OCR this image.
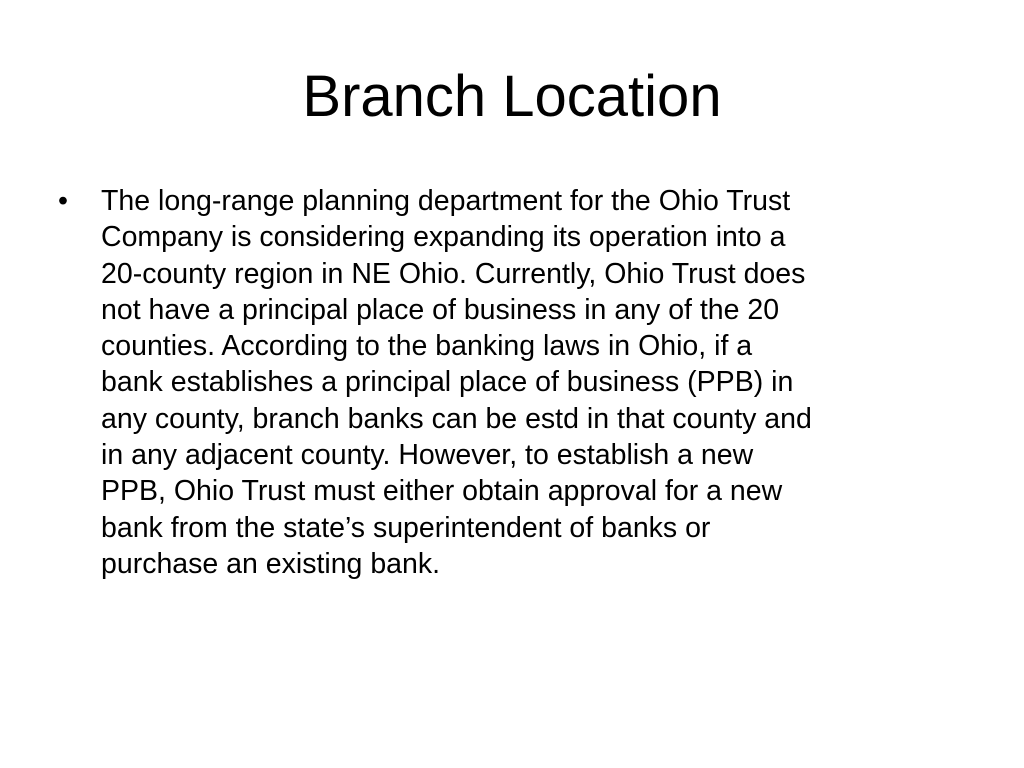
Branch Location
•	The long-range planning department for the Ohio Trust
Company is considering expanding its operation into a
20-county region in NE Ohio. Currently, Ohio Trust does
not have a principal place of business in any of the 20
counties. According to the banking laws in Ohio, if a
bank establishes a principal place of business (PPB) in
any county, branch banks can be estd in that county and
in any adjacent county. However, to establish a new
PPB, Ohio Trust must either obtain approval for a new
bank from the state’s superintendent of banks or
purchase an existing bank.
